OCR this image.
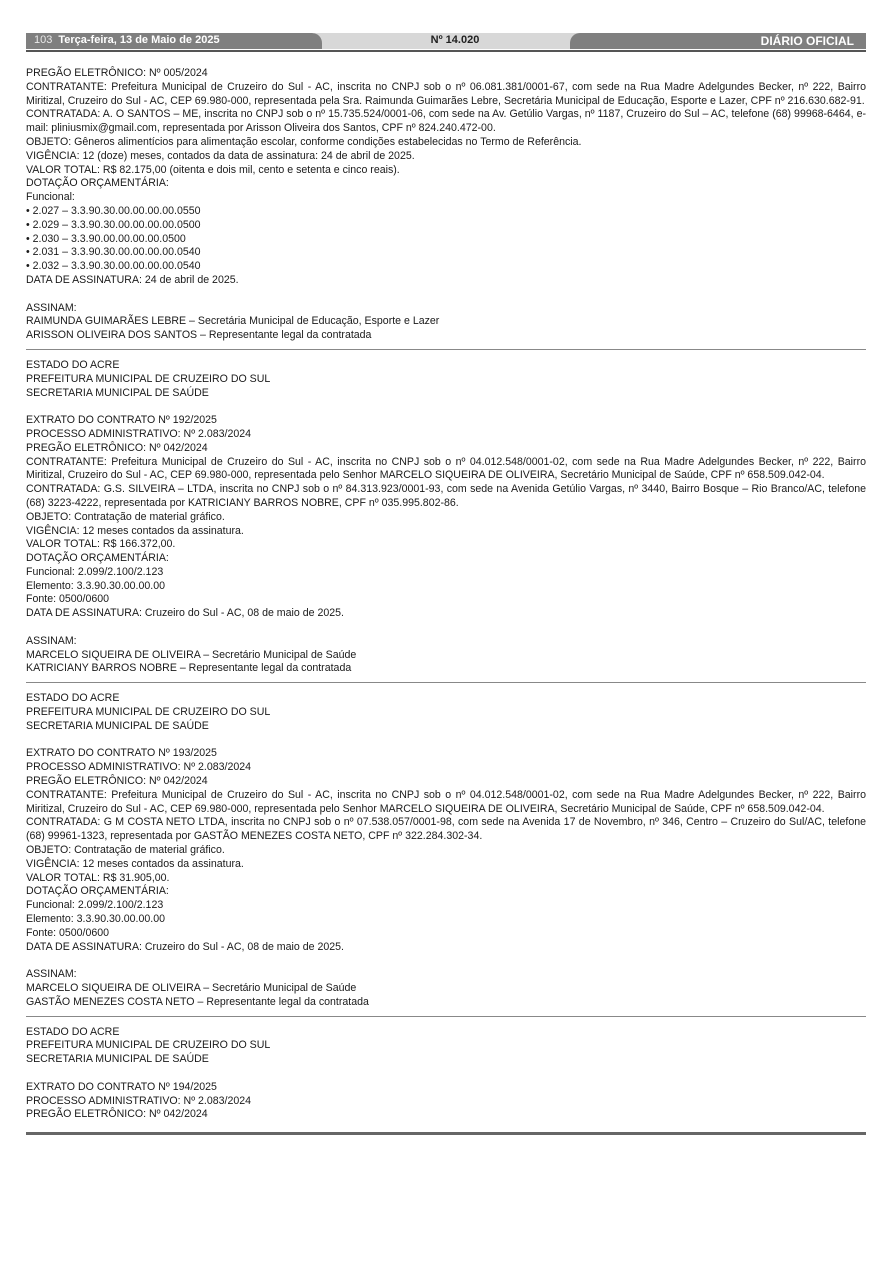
103 Terça-feira, 13 de Maio de 2025	Nº 14.020	DIÁRIO OFICIAL
PREGÃO ELETRÔNICO: Nº 005/2024
CONTRATANTE: Prefeitura Municipal de Cruzeiro do Sul - AC, inscrita no CNPJ sob o nº 06.081.381/0001-67, com sede na Rua Madre Adelgundes Becker, nº 222, Bairro Miritizal, Cruzeiro do Sul - AC, CEP 69.980-000, representada pela Sra. Raimunda Guimarães Lebre, Secretária Municipal de Educação, Esporte e Lazer, CPF nº 216.630.682-91.
CONTRATADA: A. O SANTOS – ME, inscrita no CNPJ sob o nº 15.735.524/0001-06, com sede na Av. Getúlio Vargas, nº 1187, Cruzeiro do Sul – AC, telefone (68) 99968-6464, e-mail: pliniusmix@gmail.com, representada por Arisson Oliveira dos Santos, CPF nº 824.240.472-00.
OBJETO: Gêneros alimentícios para alimentação escolar, conforme condições estabelecidas no Termo de Referência.
VIGÊNCIA: 12 (doze) meses, contados da data de assinatura: 24 de abril de 2025.
VALOR TOTAL: R$ 82.175,00 (oitenta e dois mil, cento e setenta e cinco reais).
DOTAÇÃO ORÇAMENTÁRIA:
Funcional:
• 2.027 – 3.3.90.30.00.00.00.00.0550
• 2.029 – 3.3.90.30.00.00.00.00.0500
• 2.030 – 3.3.90.00.00.00.00.0500
• 2.031 – 3.3.90.30.00.00.00.00.0540
• 2.032 – 3.3.90.30.00.00.00.00.0540
DATA DE ASSINATURA: 24 de abril de 2025.
ASSINAM:
RAIMUNDA GUIMARÃES LEBRE – Secretária Municipal de Educação, Esporte e Lazer
ARISSON OLIVEIRA DOS SANTOS – Representante legal da contratada
ESTADO DO ACRE
PREFEITURA MUNICIPAL DE CRUZEIRO DO SUL
SECRETARIA MUNICIPAL DE SAÚDE
EXTRATO DO CONTRATO Nº 192/2025
PROCESSO ADMINISTRATIVO: Nº 2.083/2024
PREGÃO ELETRÔNICO: Nº 042/2024
CONTRATANTE: Prefeitura Municipal de Cruzeiro do Sul - AC, inscrita no CNPJ sob o nº 04.012.548/0001-02, com sede na Rua Madre Adelgundes Becker, nº 222, Bairro Miritizal, Cruzeiro do Sul - AC, CEP 69.980-000, representada pelo Senhor MARCELO SIQUEIRA DE OLIVEIRA, Secretário Municipal de Saúde, CPF nº 658.509.042-04.
CONTRATADA: G.S. SILVEIRA – LTDA, inscrita no CNPJ sob o nº 84.313.923/0001-93, com sede na Avenida Getúlio Vargas, nº 3440, Bairro Bosque – Rio Branco/AC, telefone (68) 3223-4222, representada por KATRICIANY BARROS NOBRE, CPF nº 035.995.802-86.
OBJETO: Contratação de material gráfico.
VIGÊNCIA: 12 meses contados da assinatura.
VALOR TOTAL: R$ 166.372,00.
DOTAÇÃO ORÇAMENTÁRIA:
Funcional: 2.099/2.100/2.123
Elemento: 3.3.90.30.00.00.00
Fonte: 0500/0600
DATA DE ASSINATURA: Cruzeiro do Sul - AC, 08 de maio de 2025.
ASSINAM:
MARCELO SIQUEIRA DE OLIVEIRA – Secretário Municipal de Saúde
KATRICIANY BARROS NOBRE – Representante legal da contratada
ESTADO DO ACRE
PREFEITURA MUNICIPAL DE CRUZEIRO DO SUL
SECRETARIA MUNICIPAL DE SAÚDE
EXTRATO DO CONTRATO Nº 193/2025
PROCESSO ADMINISTRATIVO: Nº 2.083/2024
PREGÃO ELETRÔNICO: Nº 042/2024
CONTRATANTE: Prefeitura Municipal de Cruzeiro do Sul - AC, inscrita no CNPJ sob o nº 04.012.548/0001-02, com sede na Rua Madre Adelgundes Becker, nº 222, Bairro Miritizal, Cruzeiro do Sul - AC, CEP 69.980-000, representada pelo Senhor MARCELO SIQUEIRA DE OLIVEIRA, Secretário Municipal de Saúde, CPF nº 658.509.042-04.
CONTRATADA: G M COSTA NETO LTDA, inscrita no CNPJ sob o nº 07.538.057/0001-98, com sede na Avenida 17 de Novembro, nº 346, Centro – Cruzeiro do Sul/AC, telefone (68) 99961-1323, representada por GASTÃO MENEZES COSTA NETO, CPF nº 322.284.302-34.
OBJETO: Contratação de material gráfico.
VIGÊNCIA: 12 meses contados da assinatura.
VALOR TOTAL: R$ 31.905,00.
DOTAÇÃO ORÇAMENTÁRIA:
Funcional: 2.099/2.100/2.123
Elemento: 3.3.90.30.00.00.00
Fonte: 0500/0600
DATA DE ASSINATURA: Cruzeiro do Sul - AC, 08 de maio de 2025.
ASSINAM:
MARCELO SIQUEIRA DE OLIVEIRA – Secretário Municipal de Saúde
GASTÃO MENEZES COSTA NETO – Representante legal da contratada
ESTADO DO ACRE
PREFEITURA MUNICIPAL DE CRUZEIRO DO SUL
SECRETARIA MUNICIPAL DE SAÚDE
EXTRATO DO CONTRATO Nº 194/2025
PROCESSO ADMINISTRATIVO: Nº 2.083/2024
PREGÃO ELETRÔNICO: Nº 042/2024
